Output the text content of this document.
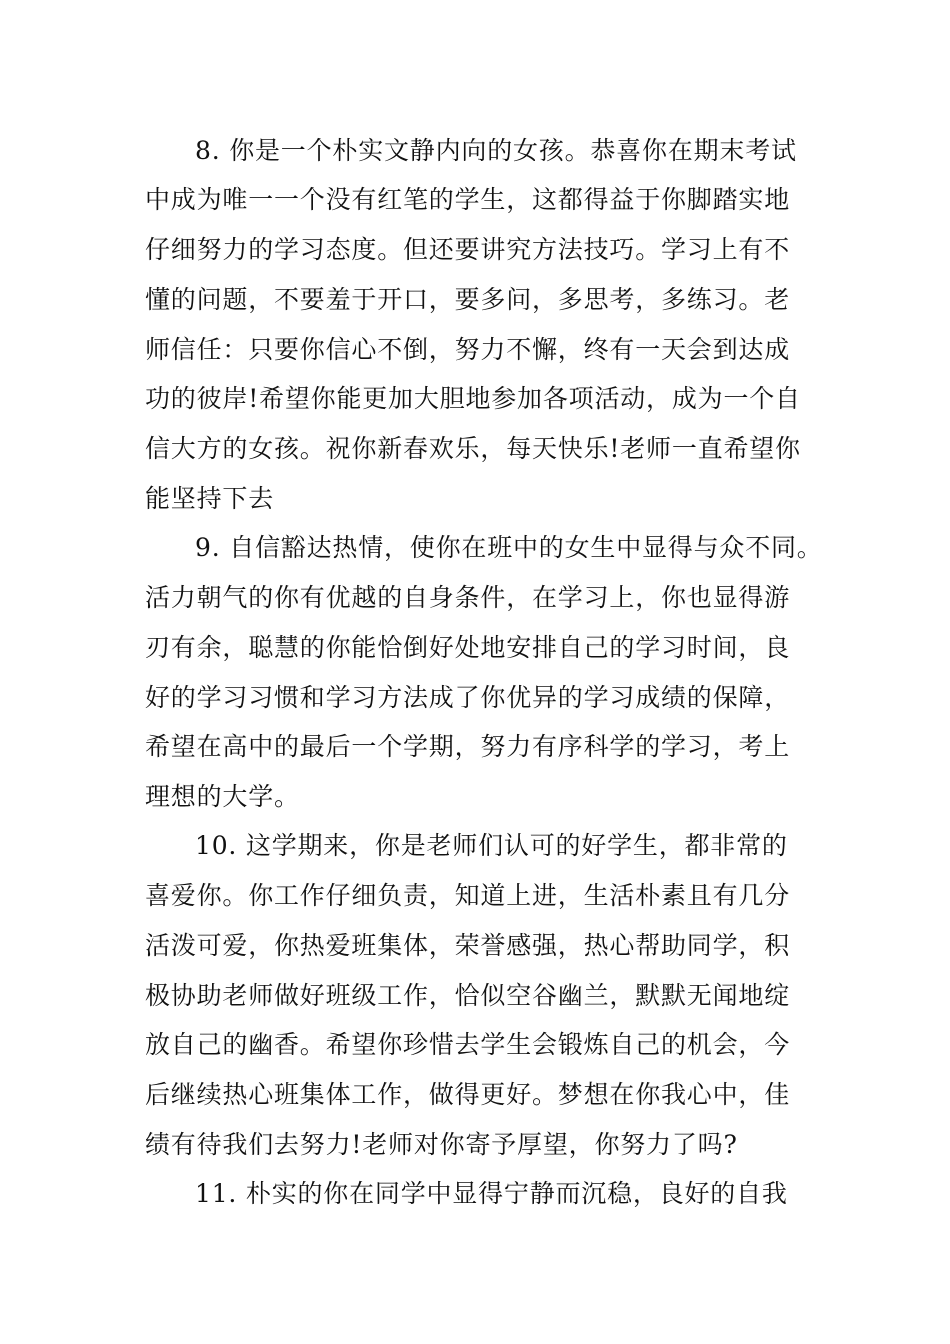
8. 你是一个朴实文静内向的女孩。恭喜你在期末考试

中成为唯一一个没有红笔的学生，这都得益于你脚踏实地

仔细努力的学习态度。但还要讲究方法技巧。学习上有不

懂的问题，不要羞于开口，要多问，多思考，多练习。老

师信任：只要你信心不倒，努力不懈，终有一天会到达成

功的彼岸!希望你能更加大胆地参加各项活动，成为一个自

信大方的女孩。祝你新春欢乐，每天快乐!老师一直希望你

能坚持下去

9. 自信豁达热情，使你在班中的女生中显得与众不同。

活力朝气的你有优越的自身条件，在学习上，你也显得游

刃有余，聪慧的你能恰倒好处地安排自己的学习时间，良

好的学习习惯和学习方法成了你优异的学习成绩的保障，

希望在高中的最后一个学期，努力有序科学的学习，考上

理想的大学。

10. 这学期来，你是老师们认可的好学生，都非常的

喜爱你。你工作仔细负责，知道上进，生活朴素且有几分

活泼可爱，你热爱班集体，荣誉感强，热心帮助同学，积

极协助老师做好班级工作，恰似空谷幽兰，默默无闻地绽

放自己的幽香。希望你珍惜去学生会锻炼自己的机会，今

后继续热心班集体工作，做得更好。梦想在你我心中，佳

绩有待我们去努力!老师对你寄予厚望，你努力了吗?

11. 朴实的你在同学中显得宁静而沉稳，良好的自我
